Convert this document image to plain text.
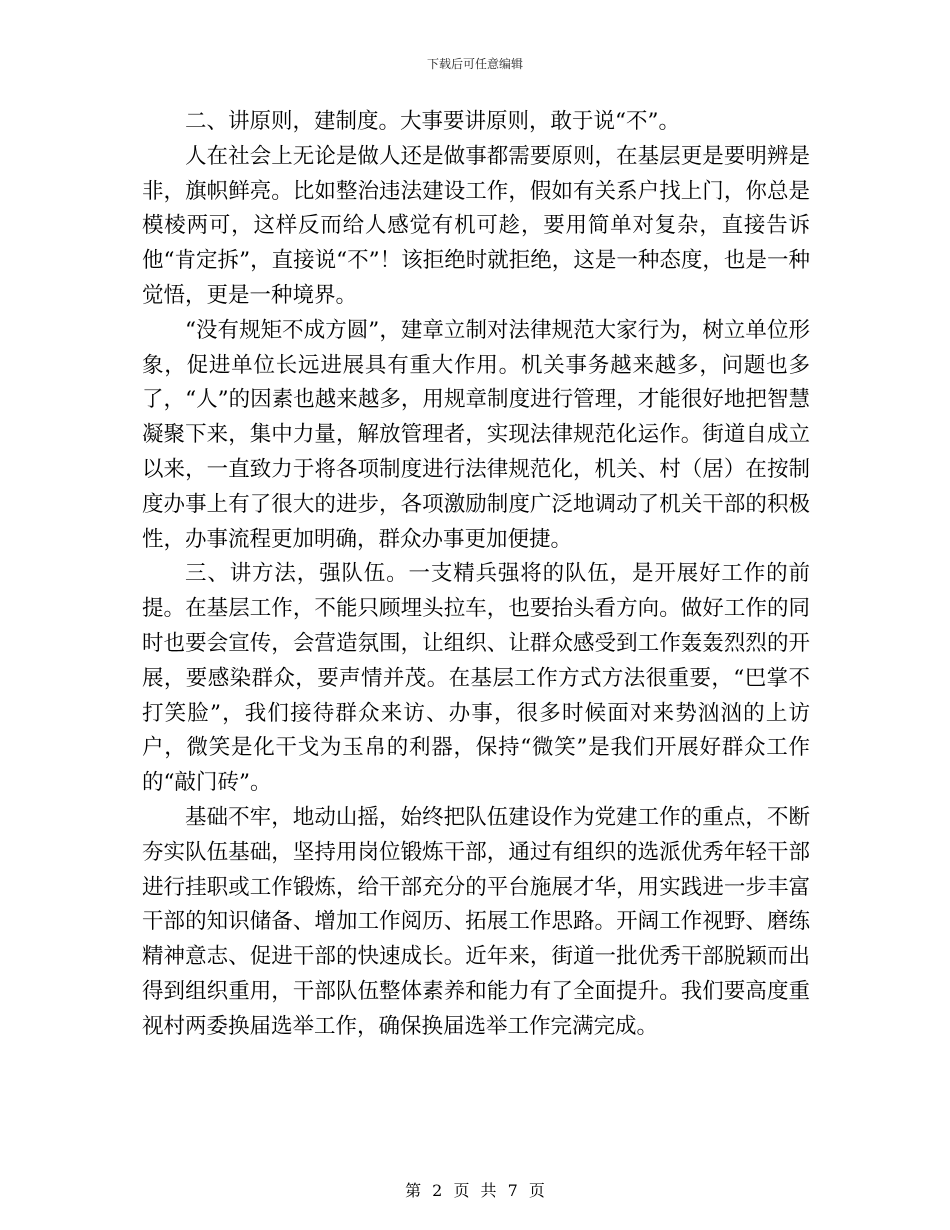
下载后可任意编辑

二、讲原则，建制度。大事要讲原则，敢于说“不”。

人在社会上无论是做人还是做事都需要原则，在基层更是要明辨是非，旗帜鲜亮。比如整治违法建设工作，假如有关系户找上门，你总是模棱两可，这样反而给人感觉有机可趁，要用简单对复杂，直接告诉他“肯定拆”，直接说“不”！该拒绝时就拒绝，这是一种态度，也是一种觉悟，更是一种境界。

“没有规矩不成方圆”，建章立制对法律规范大家行为，树立单位形象，促进单位长远进展具有重大作用。机关事务越来越多，问题也多了，“人”的因素也越来越多，用规章制度进行管理，才能很好地把智慧凝聚下来，集中力量，解放管理者，实现法律规范化运作。街道自成立以来，一直致力于将各项制度进行法律规范化，机关、村（居）在按制度办事上有了很大的进步，各项激励制度广泛地调动了机关干部的积极性，办事流程更加明确，群众办事更加便捷。

三、讲方法，强队伍。一支精兵强将的队伍，是开展好工作的前提。在基层工作，不能只顾埋头拉车，也要抬头看方向。做好工作的同时也要会宣传，会营造氛围，让组织、让群众感受到工作轰轰烈烈的开展，要感染群众，要声情并茂。在基层工作方式方法很重要，“巴掌不打笑脸”，我们接待群众来访、办事，很多时候面对来势汹汹的上访户，微笑是化干戈为玉帛的利器，保持“微笑”是我们开展好群众工作的“敲门砖”。

基础不牢，地动山摇，始终把队伍建设作为党建工作的重点，不断夯实队伍基础，坚持用岗位锻炼干部，通过有组织的选派优秀年轻干部进行挂职或工作锻炼，给干部充分的平台施展才华，用实践进一步丰富干部的知识储备、增加工作阅历、拓展工作思路。开阔工作视野、磨练精神意志、促进干部的快速成长。近年来，街道一批优秀干部脱颖而出得到组织重用，干部队伍整体素养和能力有了全面提升。我们要高度重视村两委换届选举工作，确保换届选举工作完满完成。

第 2 页 共 7 页
